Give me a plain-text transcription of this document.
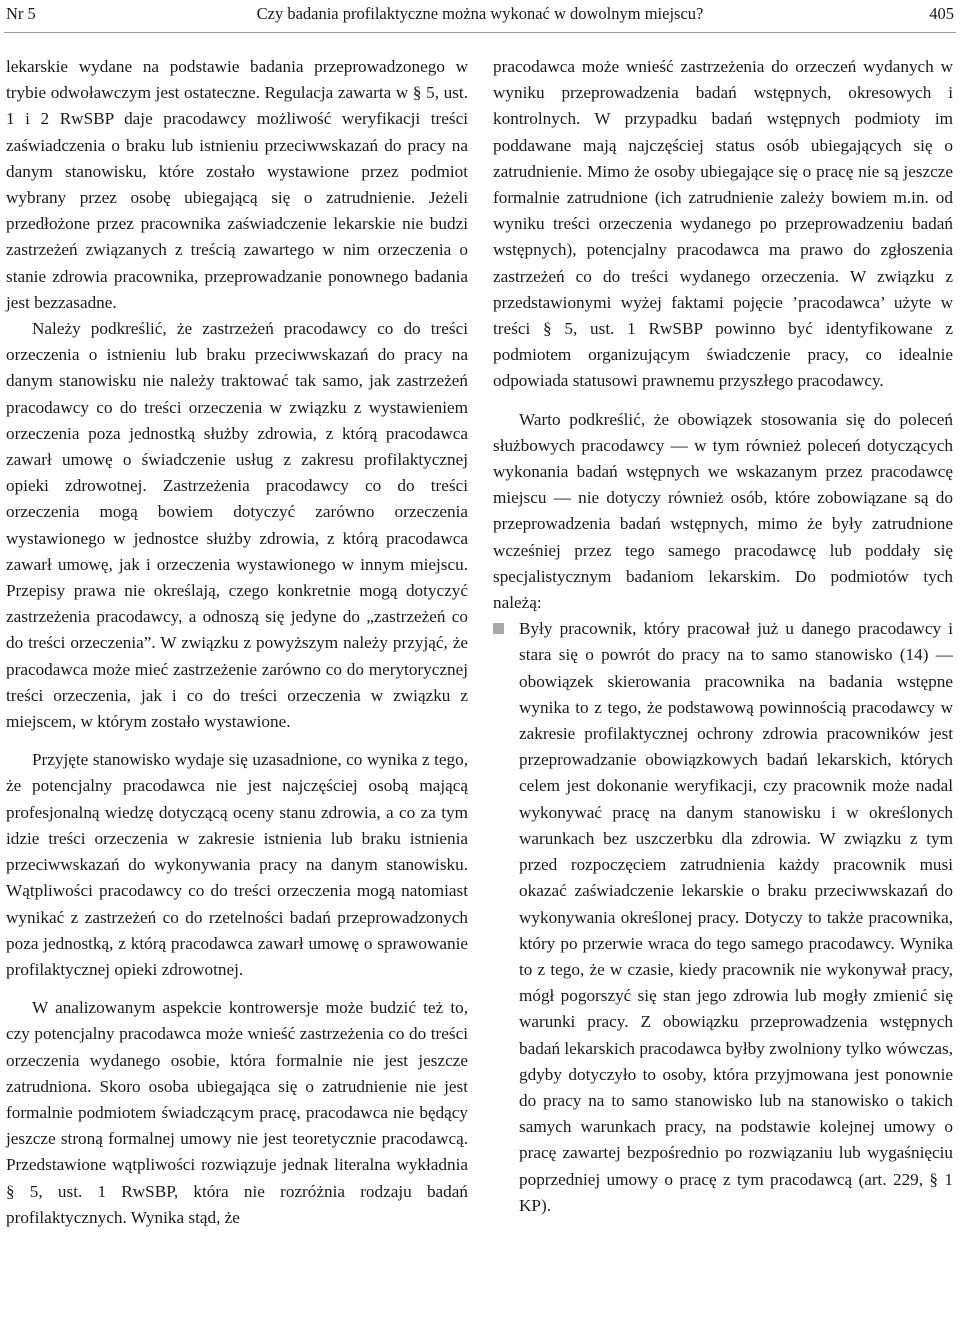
Nr 5	Czy badania profilaktyczne można wykonać w dowolnym miejscu?	405

lekarskie wydane na podstawie badania przeprowadzonego w trybie odwoławczym jest ostateczne. Regulacja zawarta w § 5, ust. 1 i 2 RwSBP daje pracodawcy możliwość weryfikacji treści zaświadczenia o braku lub istnieniu przeciwwskazań do pracy na danym stanowisku, które zostało wystawione przez podmiot wybrany przez osobę ubiegającą się o zatrudnienie. Jeżeli przedłożone przez pracownika zaświadczenie lekarskie nie budzi zastrzeżeń związanych z treścią zawartego w nim orzeczenia o stanie zdrowia pracownika, przeprowadzanie ponownego badania jest bezzasadne.

Należy podkreślić, że zastrzeżeń pracodawcy co do treści orzeczenia o istnieniu lub braku przeciwwskazań do pracy na danym stanowisku nie należy traktować tak samo, jak zastrzeżeń pracodawcy co do treści orzeczenia w związku z wystawieniem orzeczenia poza jednostką służby zdrowia, z którą pracodawca zawarł umowę o świadczenie usług z zakresu profilaktycznej opieki zdrowotnej. Zastrzeżenia pracodawcy co do treści orzeczenia mogą bowiem dotyczyć zarówno orzeczenia wystawionego w jednostce służby zdrowia, z którą pracodawca zawarł umowę, jak i orzeczenia wystawionego w innym miejscu. Przepisy prawa nie określają, czego konkretnie mogą dotyczyć zastrzeżenia pracodawcy, a odnoszą się jedyne do „zastrzeżeń co do treści orzeczenia”. W związku z powyższym należy przyjąć, że pracodawca może mieć zastrzeżenie zarówno co do merytorycznej treści orzeczenia, jak i co do treści orzeczenia w związku z miejscem, w którym zostało wystawione.

Przyjęte stanowisko wydaje się uzasadnione, co wynika z tego, że potencjalny pracodawca nie jest najczęściej osobą mającą profesjonalną wiedzę dotyczącą oceny stanu zdrowia, a co za tym idzie treści orzeczenia w zakresie istnienia lub braku istnienia przeciwwskazań do wykonywania pracy na danym stanowisku. Wątpliwości pracodawcy co do treści orzeczenia mogą natomiast wynikać z zastrzeżeń co do rzetelności badań przeprowadzonych poza jednostką, z którą pracodawca zawarł umowę o sprawowanie profilaktycznej opieki zdrowotnej.

W analizowanym aspekcie kontrowersje może budzić też to, czy potencjalny pracodawca może wnieść zastrzeżenia co do treści orzeczenia wydanego osobie, która formalnie nie jest jeszcze zatrudniona. Skoro osoba ubiegająca się o zatrudnienie nie jest formalnie podmiotem świadczącym pracę, pracodawca nie będący jeszcze stroną formalnej umowy nie jest teoretycznie pracodawcą. Przedstawione wątpliwości rozwiązuje jednak literalna wykładnia § 5, ust. 1 RwSBP, która nie rozróżnia rodzaju badań profilaktycznych. Wynika stąd, że

pracodawca może wnieść zastrzeżenia do orzeczeń wydanych w wyniku przeprowadzenia badań wstępnych, okresowych i kontrolnych. W przypadku badań wstępnych podmioty im poddawane mają najczęściej status osób ubiegających się o zatrudnienie. Mimo że osoby ubiegające się o pracę nie są jeszcze formalnie zatrudnione (ich zatrudnienie zależy bowiem m.in. od wyniku treści orzeczenia wydanego po przeprowadzeniu badań wstępnych), potencjalny pracodawca ma prawo do zgłoszenia zastrzeżeń co do treści wydanego orzeczenia. W związku z przedstawionymi wyżej faktami pojęcie ’pracodawca’ użyte w treści § 5, ust. 1 RwSBP powinno być identyfikowane z podmiotem organizującym świadczenie pracy, co idealnie odpowiada statusowi prawnemu przyszłego pracodawcy.

Warto podkreślić, że obowiązek stosowania się do poleceń służbowych pracodawcy — w tym również poleceń dotyczących wykonania badań wstępnych we wskazanym przez pracodawcę miejscu — nie dotyczy również osób, które zobowiązane są do przeprowadzenia badań wstępnych, mimo że były zatrudnione wcześniej przez tego samego pracodawcę lub poddały się specjalistycznym badaniom lekarskim. Do podmiotów tych należą:

Były pracownik, który pracował już u danego pracodawcy i stara się o powrót do pracy na to samo stanowisko (14) — obowiązek skierowania pracownika na badania wstępne wynika to z tego, że podstawową powinnością pracodawcy w zakresie profilaktycznej ochrony zdrowia pracowników jest przeprowadzanie obowiązkowych badań lekarskich, których celem jest dokonanie weryfikacji, czy pracownik może nadal wykonywać pracę na danym stanowisku i w określonych warunkach bez uszczerbku dla zdrowia. W związku z tym przed rozpoczęciem zatrudnienia każdy pracownik musi okazać zaświadczenie lekarskie o braku przeciwwskazań do wykonywania określonej pracy. Dotyczy to także pracownika, który po przerwie wraca do tego samego pracodawcy. Wynika to z tego, że w czasie, kiedy pracownik nie wykonywał pracy, mógł pogorszyć się stan jego zdrowia lub mogły zmienić się warunki pracy. Z obowiązku przeprowadzenia wstępnych badań lekarskich pracodawca byłby zwolniony tylko wówczas, gdyby dotyczyło to osoby, która przyjmowana jest ponownie do pracy na to samo stanowisko lub na stanowisko o takich samych warunkach pracy, na podstawie kolejnej umowy o pracę zawartej bezpośrednio po rozwiązaniu lub wygaśnięciu poprzedniej umowy o pracę z tym pracodawcą (art. 229, § 1 KP).
